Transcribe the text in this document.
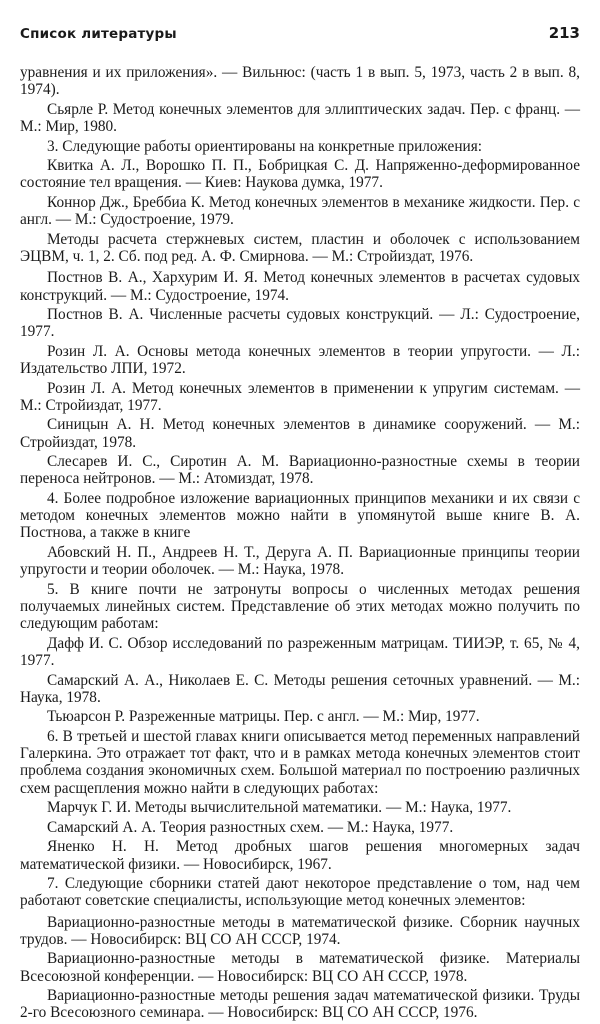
Список литературы	213

уравнения и их приложения». — Вильнюс: (часть 1 в вып. 5, 1973, часть 2 в вып. 8, 1974).

Сьярле Р. Метод конечных элементов для эллиптических задач. Пер. с франц. — М.: Мир, 1980.

3. Следующие работы ориентированы на конкретные приложения:

Квитка А. Л., Ворошко П. П., Бобрицкая С. Д. Напряженно-деформированное состояние тел вращения. — Киев: Наукова думка, 1977.

Коннор Дж., Бреббиа К. Метод конечных элементов в механике жидкости. Пер. с англ. — М.: Судостроение, 1979.

Методы расчета стержневых систем, пластин и оболочек с использованием ЭЦВМ, ч. 1, 2. Сб. под ред. А. Ф. Смирнова. — М.: Стройиздат, 1976.

Постнов В. А., Хархурим И. Я. Метод конечных элементов в расчетах судовых конструкций. — М.: Судостроение, 1974.

Постнов В. А. Численные расчеты судовых конструкций. — Л.: Судостроение, 1977.

Розин Л. А. Основы метода конечных элементов в теории упругости. — Л.: Издательство ЛПИ, 1972.

Розин Л. А. Метод конечных элементов в применении к упругим системам. — М.: Стройиздат, 1977.

Синицын А. Н. Метод конечных элементов в динамике сооружений. — М.: Стройиздат, 1978.

Слесарев И. С., Сиротин А. М. Вариационно-разностные схемы в теории переноса нейтронов. — М.: Атомиздат, 1978.

4. Более подробное изложение вариационных принципов механики и их связи с методом конечных элементов можно найти в упомянутой выше книге В. А. Постнова, а также в книге

Абовский Н. П., Андреев Н. Т., Деруга А. П. Вариационные принципы теории упругости и теории оболочек. — М.: Наука, 1978.

5. В книге почти не затронуты вопросы о численных методах решения получаемых линейных систем. Представление об этих методах можно получить по следующим работам:

Дафф И. С. Обзор исследований по разреженным матрицам. ТИИЭР, т. 65, № 4, 1977.

Самарский А. А., Николаев Е. С. Методы решения сеточных уравнений. — М.: Наука, 1978.

Тьюарсон Р. Разреженные матрицы. Пер. с англ. — М.: Мир, 1977.

6. В третьей и шестой главах книги описывается метод переменных направлений Галеркина. Это отражает тот факт, что и в рамках метода конечных элементов стоит проблема создания экономичных схем. Большой материал по построению различных схем расщепления можно найти в следующих работах:

Марчук Г. И. Методы вычислительной математики. — М.: Наука, 1977.

Самарский А. А. Теория разностных схем. — М.: Наука, 1977.

Яненко Н. Н. Метод дробных шагов решения многомерных задач математической физики. — Новосибирск, 1967.

7. Следующие сборники статей дают некоторое представление о том, над чем работают советские специалисты, использующие метод конечных элементов:

Вариационно-разностные методы в математической физике. Сборник научных трудов. — Новосибирск: ВЦ СО АН СССР, 1974.

Вариационно-разностные методы в математической физике. Материалы Всесоюзной конференции. — Новосибирск: ВЦ СО АН СССР, 1978.

Вариационно-разностные методы решения задач математической физики. Труды 2-го Всесоюзного семинара. — Новосибирск: ВЦ СО АН СССР, 1976.
